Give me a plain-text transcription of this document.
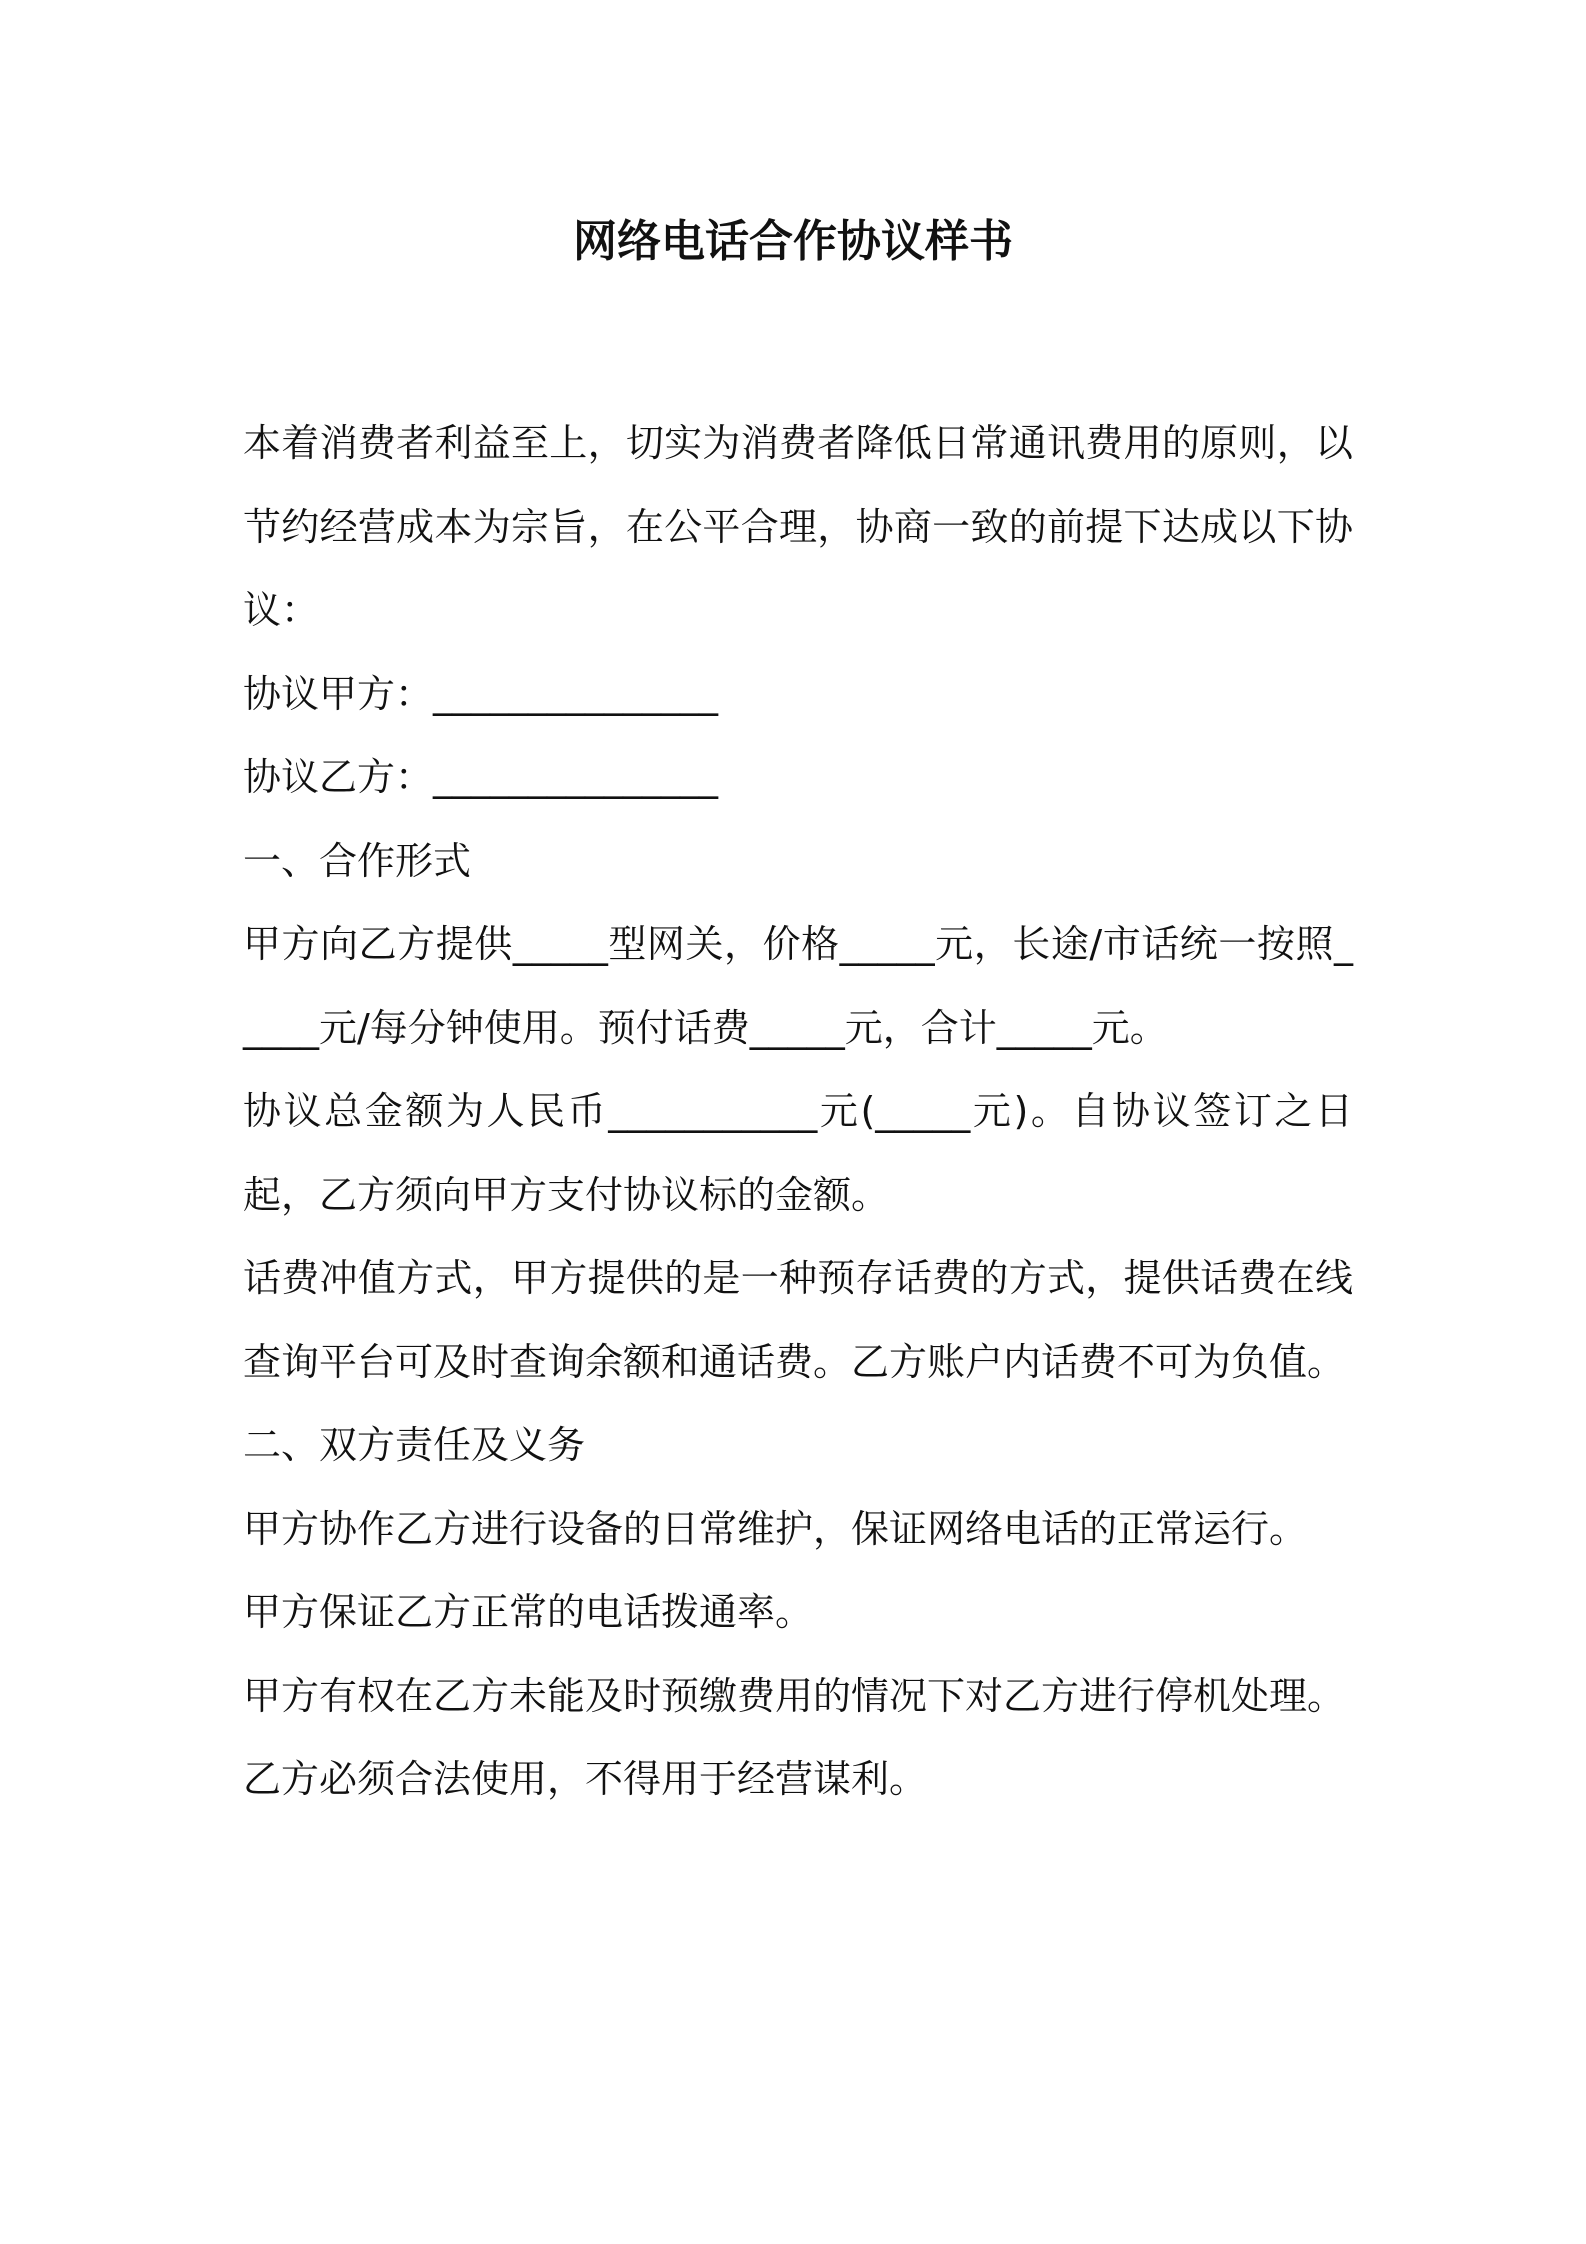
网络电话合作协议样书

本着消费者利益至上，切实为消费者降低日常通讯费用的原则，以节约经营成本为宗旨，在公平合理，协商一致的前提下达成以下协议：

协议甲方：_______________

协议乙方：_______________

一、合作形式

甲方向乙方提供_____型网关，价格_____元，长途/市话统一按照_____元/每分钟使用。预付话费_____元，合计_____元。

协议总金额为人民币___________元(_____元)。自协议签订之日起，乙方须向甲方支付协议标的金额。

话费冲值方式，甲方提供的是一种预存话费的方式，提供话费在线查询平台可及时查询余额和通话费。乙方账户内话费不可为负值。

二、双方责任及义务

甲方协作乙方进行设备的日常维护，保证网络电话的正常运行。

甲方保证乙方正常的电话拨通率。

甲方有权在乙方未能及时预缴费用的情况下对乙方进行停机处理。

乙方必须合法使用，不得用于经营谋利。
